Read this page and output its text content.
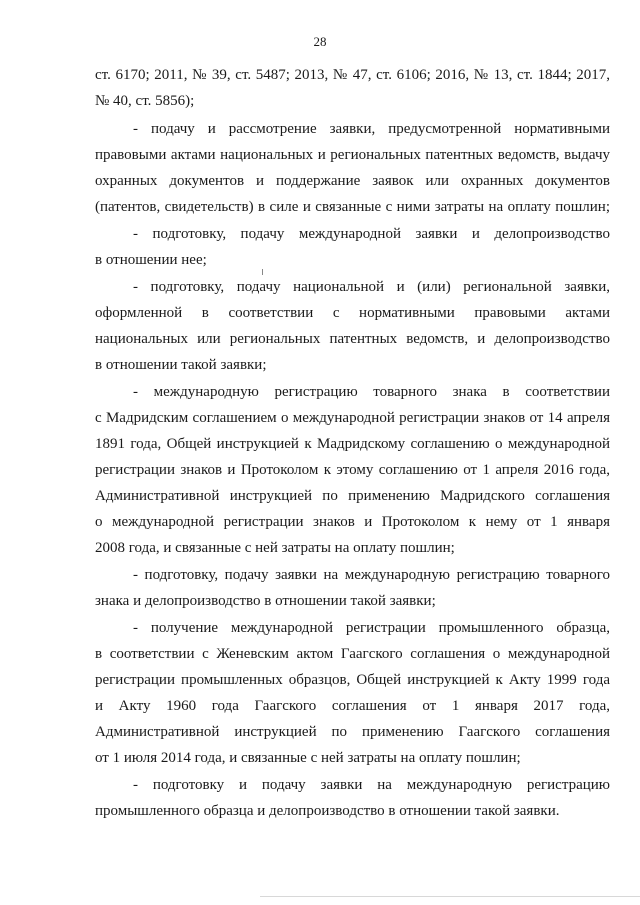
28
ст. 6170; 2011, № 39, ст. 5487; 2013, № 47, ст. 6106; 2016, № 13, ст. 1844; 2017,
№ 40, ст. 5856);
- подачу и рассмотрение заявки, предусмотренной нормативными
правовыми актами национальных и региональных патентных ведомств, выдачу
охранных документов и поддержание заявок или охранных документов
(патентов, свидетельств) в силе и связанные с ними затраты на оплату пошлин;
- подготовку, подачу международной заявки и делопроизводство
в отношении нее;
- подготовку, подачу национальной и (или) региональной заявки,
оформленной в соответствии с нормативными правовыми актами
национальных или региональных патентных ведомств, и делопроизводство
в отношении такой заявки;
- международную регистрацию товарного знака в соответствии
с Мадридским соглашением о международной регистрации знаков от 14 апреля
1891 года, Общей инструкцией к Мадридскому соглашению о международной
регистрации знаков и Протоколом к этому соглашению от 1 апреля 2016 года,
Административной инструкцией по применению Мадридского соглашения
о международной регистрации знаков и Протоколом к нему от 1 января
2008 года, и связанные с ней затраты на оплату пошлин;
- подготовку, подачу заявки на международную регистрацию товарного
знака и делопроизводство в отношении такой заявки;
- получение международной регистрации промышленного образца,
в соответствии с Женевским актом Гаагского соглашения о международной
регистрации промышленных образцов, Общей инструкцией к Акту 1999 года
и Акту 1960 года Гаагского соглашения от 1 января 2017 года,
Административной инструкцией по применению Гаагского соглашения
от 1 июля 2014 года, и связанные с ней затраты на оплату пошлин;
- подготовку и подачу заявки на международную регистрацию
промышленного образца и делопроизводство в отношении такой заявки.
